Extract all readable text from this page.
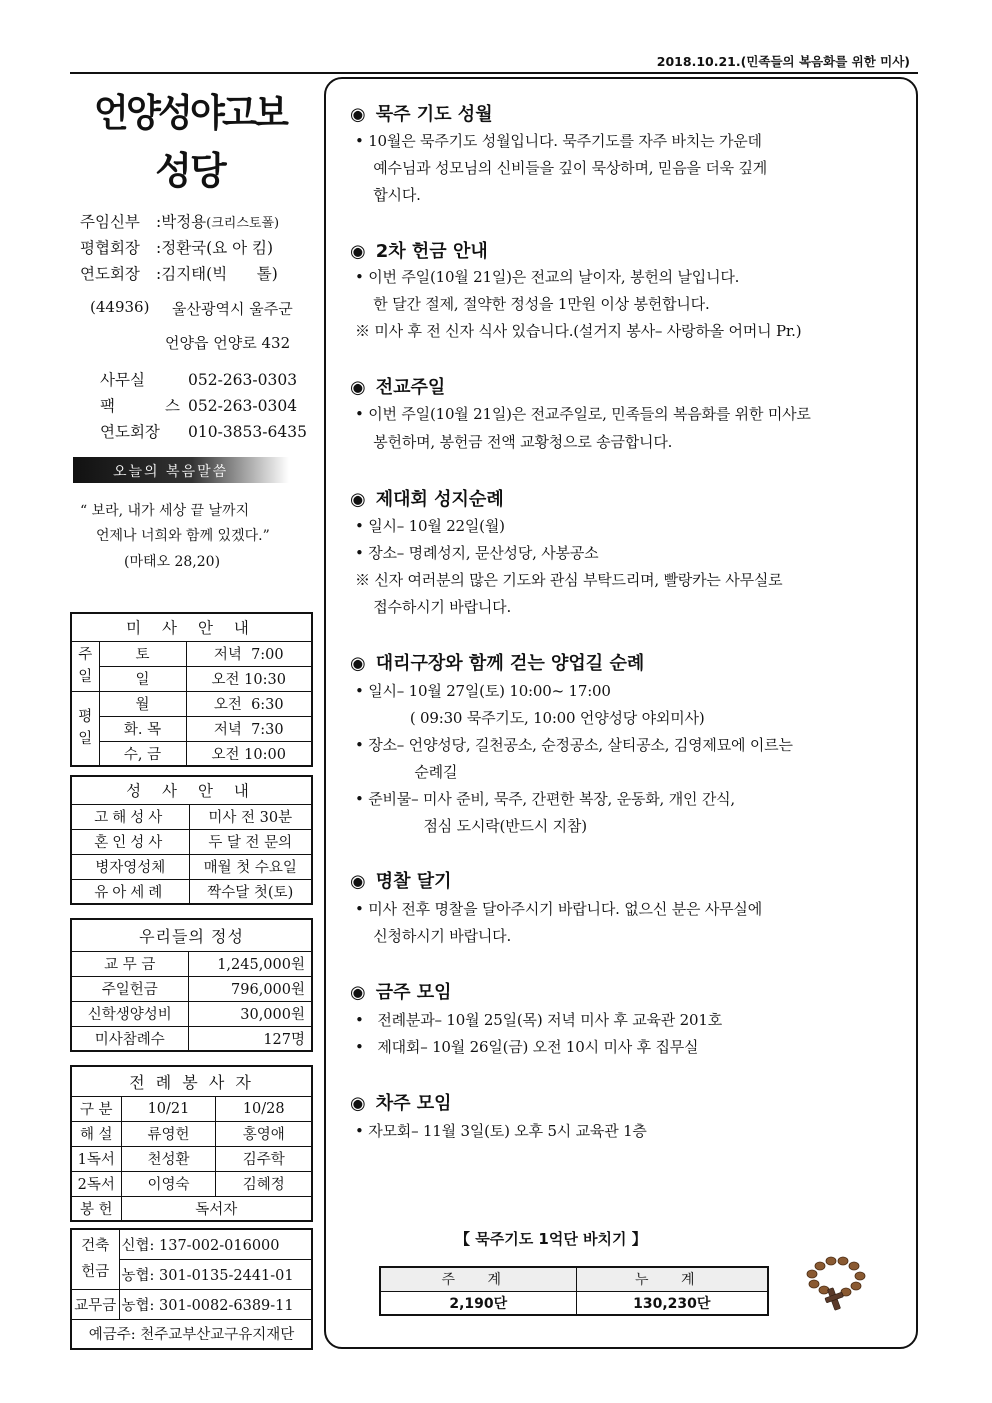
2018.10.21.(민족들의 복음화를 위한 미사)
언양성야고보
성당
주임신부 :박정용(크리스토폴)
평협회장 :정환국(요 아 킴)
연도회장 :김지태(빅      톨)
(44936) 울산광역시 울주군
언양읍 언양로 432
사무실	052-263-0303
팩 스 052-263-0304
연도회장 010-3853-6435
오늘의 복음말씀
“ 보라, 내가 세상 끝 날까지
언제나 너희와 함께 있겠다.”
(마태오 28,20)
미 사 안 내		
주일	토	저녁  7:00
	일	오전 10:30
평일	월	오전  6:30
	화. 목	저녁  7:30
	수, 금	오전 10:00
성 사 안 내	
고해성사	미사 전 30분
혼인성사	두 달 전 문의
병자영성체	매월 첫 수요일
유아세례	짝수달 첫(토)
우리들의 정성	
교 무 금	1,245,000원
주일헌금	796,000원
신학생양성비	30,000원
미사참례수	127명
전 례 봉 사 자		
구 분	10/21	10/28
해 설	류영헌	홍영애
1독서	천성환	김주학
2독서	이영숙	김혜정
봉 헌	독서자	
건축헌금	신협: 137-002-016000
	농협: 301-0135-2441-01
교무금	농협: 301-0082-6389-11
예금주: 천주교부산교구유지재단	
◉ 묵주 기도 성월
• 10월은 묵주기도 성월입니다. 묵주기도를 자주 바치는 가운데
예수님과 성모님의 신비들을 깊이 묵상하며, 믿음을 더욱 깊게
합시다.
◉ 2차 헌금 안내
• 이번 주일(10월 21일)은 전교의 날이자, 봉헌의 날입니다.
한 달간 절제, 절약한 정성을 1만원 이상 봉헌합니다.
※ 미사 후 전 신자 식사 있습니다.(설거지 봉사– 사랑하올 어머니 Pr.)
◉ 전교주일
• 이번 주일(10월 21일)은 전교주일로, 민족들의 복음화를 위한 미사로
봉헌하며, 봉헌금 전액 교황청으로 송금합니다.
◉ 제대회 성지순례
• 일시– 10월 22일(월)
• 장소– 명례성지, 문산성당, 사봉공소
※ 신자 여러분의 많은 기도와 관심 부탁드리며, 빨랑카는 사무실로
접수하시기 바랍니다.
◉ 대리구장와 함께 걷는 양업길 순례
• 일시– 10월 27일(토) 10:00~ 17:00
( 09:30 묵주기도, 10:00 언양성당 야외미사)
• 장소– 언양성당, 길천공소, 순정공소, 살티공소, 김영제묘에 이르는
순례길
• 준비물– 미사 준비, 묵주, 간편한 복장, 운동화, 개인 간식,
점심 도시락(반드시 지참)
◉ 명찰 달기
• 미사 전후 명찰을 달아주시기 바랍니다. 없으신 분은 사무실에
신청하시기 바랍니다.
◉ 금주 모임
•   전례분과– 10월 25일(목) 저녁 미사 후 교육관 201호
•   제대회– 10월 26일(금) 오전 10시 미사 후 집무실
◉ 차주 모임
• 자모회– 11월 3일(토) 오후 5시 교육관 1층
【 묵주기도 1억단 바치기 】
주 계	누 계
2,190단	130,230단
